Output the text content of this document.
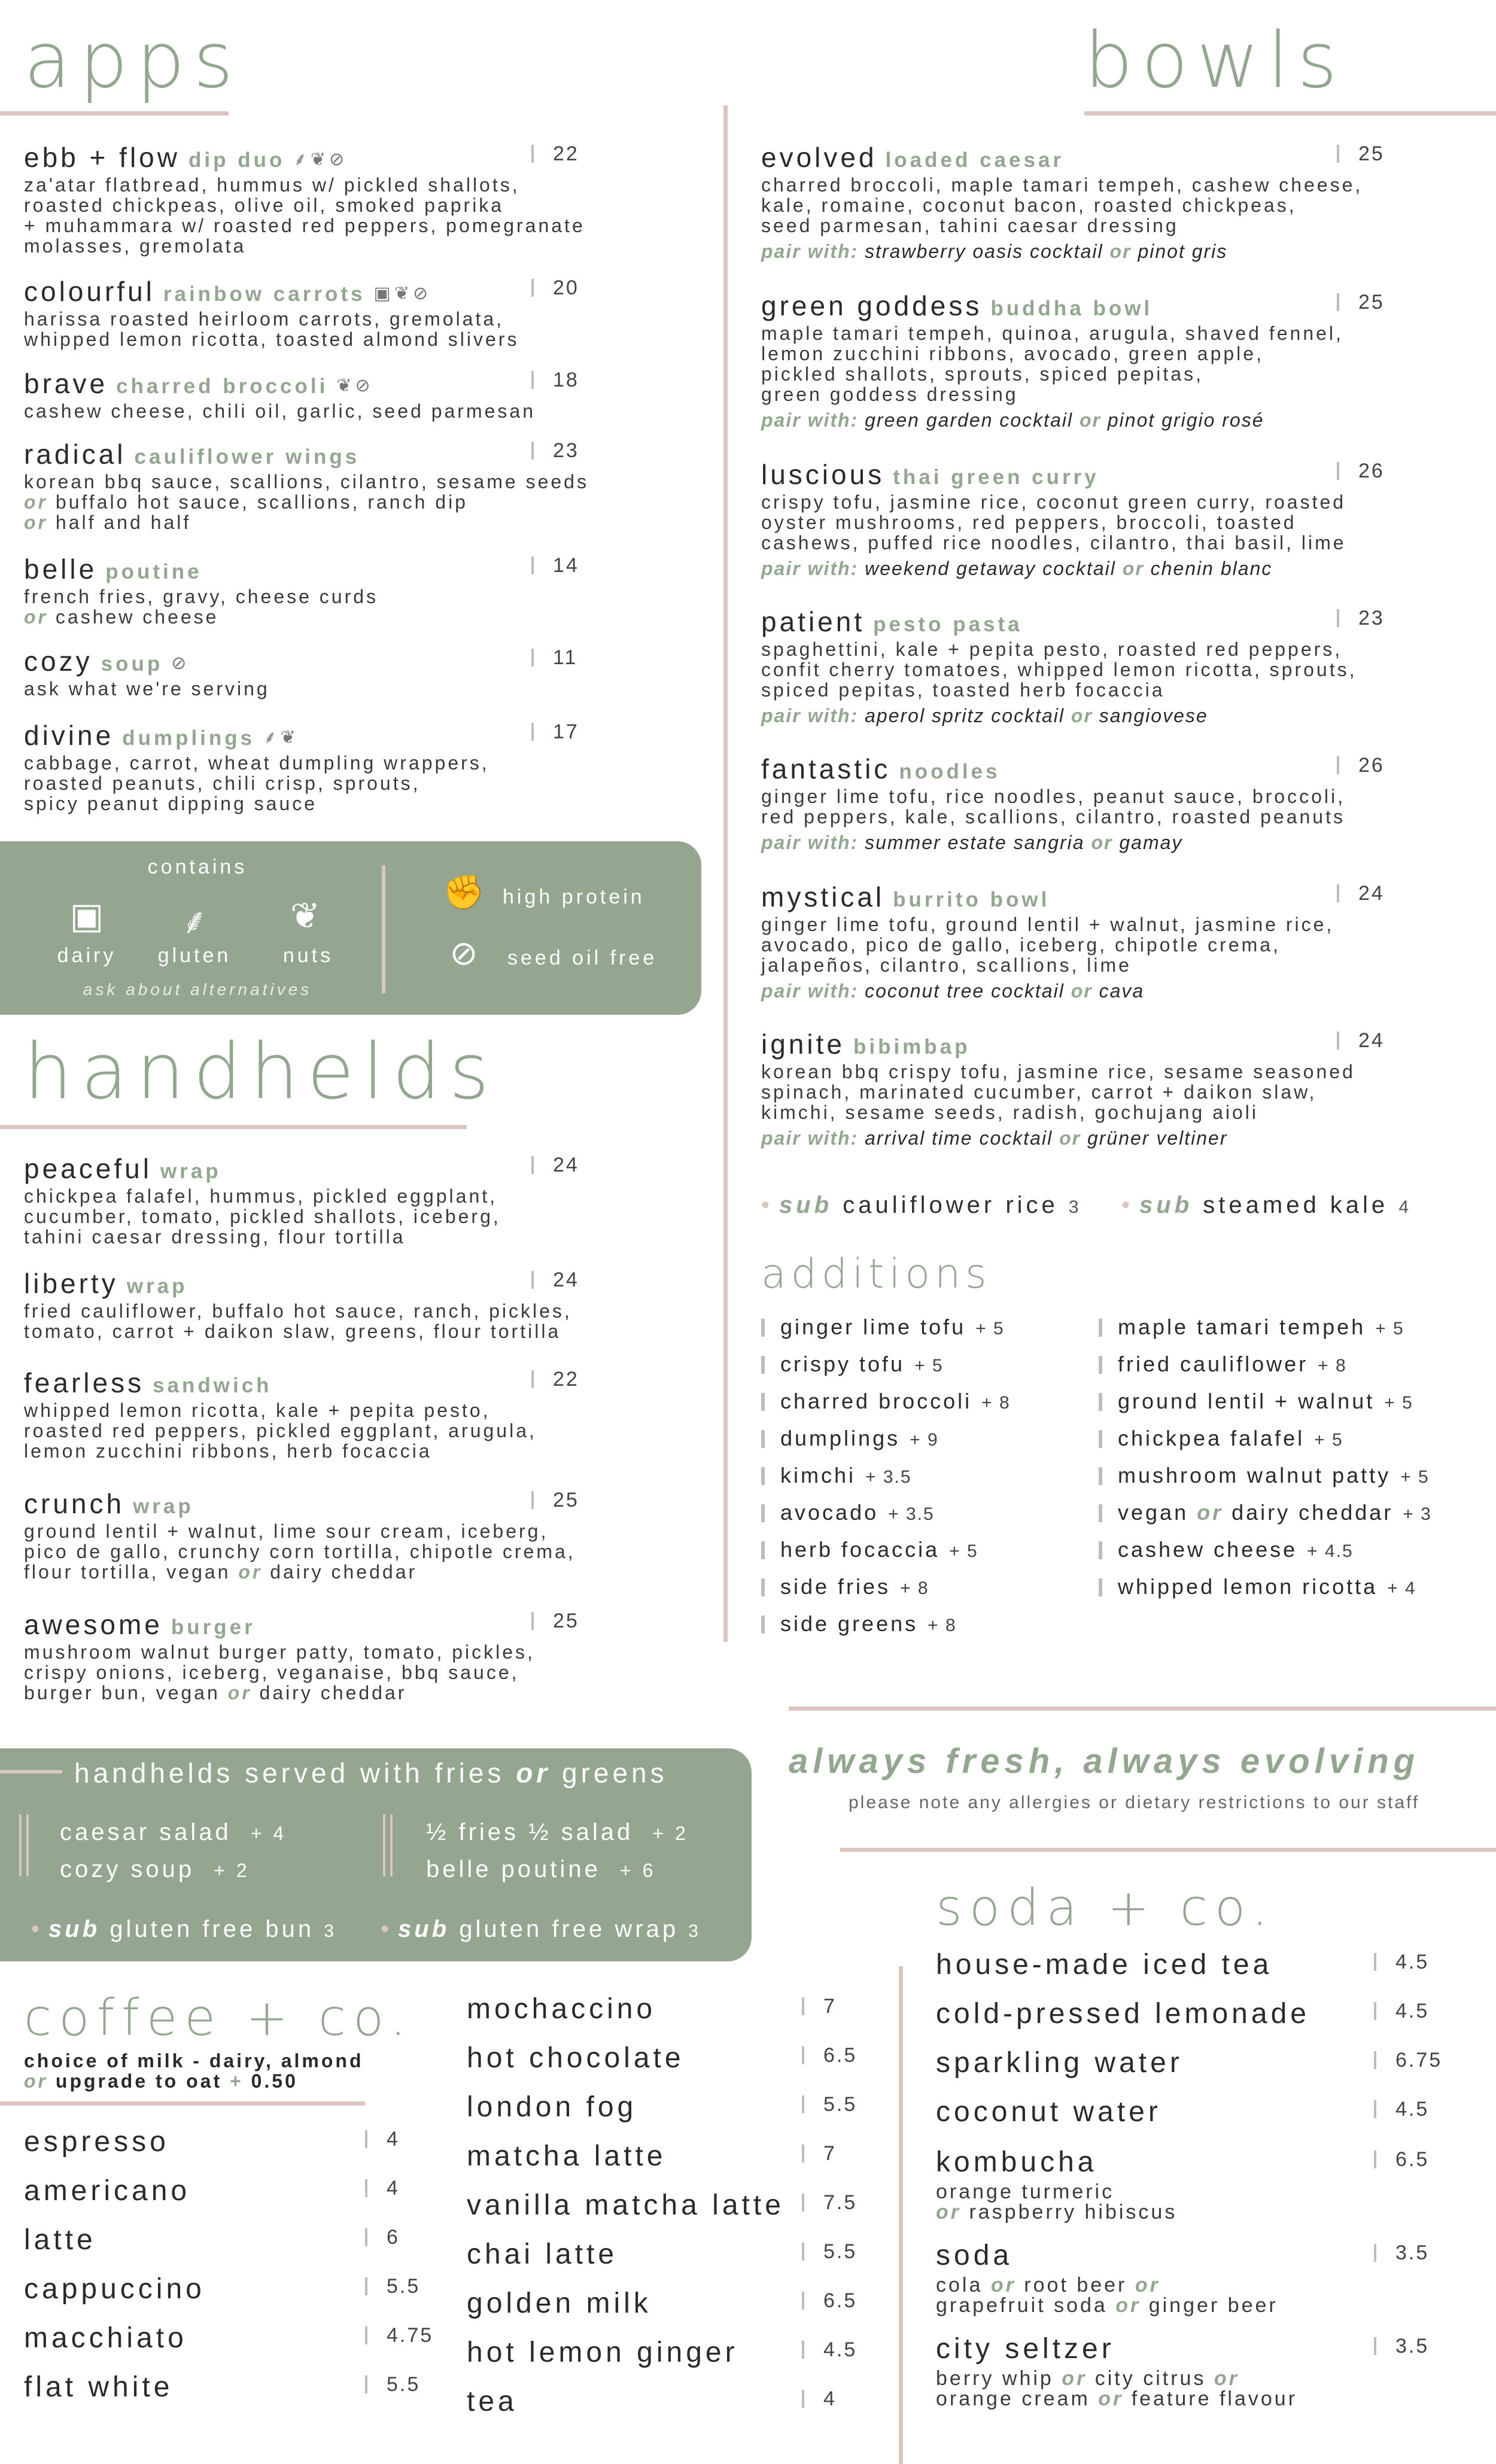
apps
ebb + flow dip duo ⸙❦⊘	22
za'atar flatbread, hummus w/ pickled shallots,
roasted chickpeas, olive oil, smoked paprika
+ muhammara w/ roasted red peppers, pomegranate
molasses, gremolata
colourful rainbow carrots ▣❦⊘	20
harissa roasted heirloom carrots, gremolata,
whipped lemon ricotta, toasted almond slivers
brave charred broccoli ❦⊘	18
cashew cheese, chili oil, garlic, seed parmesan
radical cauliflower wings	23
korean bbq sauce, scallions, cilantro, sesame seeds
or buffalo hot sauce, scallions, ranch dip
or half and half
belle poutine	14
french fries, gravy, cheese curds
or cashew cheese
cozy soup ⊘	11
ask what we're serving
divine dumplings ⸙❦	17
cabbage, carrot, wheat dumpling wrappers,
roasted peanuts, chili crisp, sprouts,
spicy peanut dipping sauce
contains
▣	⸙	❦
dairy	gluten	nuts
ask about alternatives
✊ high protein
⊘	seed oil free
handhelds
peaceful wrap	24
chickpea falafel, hummus, pickled eggplant,
cucumber, tomato, pickled shallots, iceberg,
tahini caesar dressing, flour tortilla
liberty wrap	24
fried cauliflower, buffalo hot sauce, ranch, pickles,
tomato, carrot + daikon slaw, greens, flour tortilla
fearless sandwich	22
whipped lemon ricotta, kale + pepita pesto,
roasted red peppers, pickled eggplant, arugula,
lemon zucchini ribbons, herb focaccia
crunch wrap	25
ground lentil + walnut, lime sour cream, iceberg,
pico de gallo, crunchy corn tortilla, chipotle crema,
flour tortilla, vegan or dairy cheddar
awesome burger	25
mushroom walnut burger patty, tomato, pickles,
crispy onions, iceberg, veganaise, bbq sauce,
burger bun, vegan or dairy cheddar
handhelds served with fries or greens
caesar salad + 4
cozy soup + 2
½ fries ½ salad + 2
belle poutine + 6
• sub gluten free bun 3 • sub gluten free wrap 3
bowls
evolved loaded caesar	25
charred broccoli, maple tamari tempeh, cashew cheese,
kale, romaine, coconut bacon, roasted chickpeas,
seed parmesan, tahini caesar dressing
pair with: strawberry oasis cocktail or pinot gris
green goddess buddha bowl	25
maple tamari tempeh, quinoa, arugula, shaved fennel,
lemon zucchini ribbons, avocado, green apple,
pickled shallots, sprouts, spiced pepitas,
green goddess dressing
pair with: green garden cocktail or pinot grigio rosé
luscious thai green curry	26
crispy tofu, jasmine rice, coconut green curry, roasted
oyster mushrooms, red peppers, broccoli, toasted
cashews, puffed rice noodles, cilantro, thai basil, lime
pair with: weekend getaway cocktail or chenin blanc
patient pesto pasta	23
spaghettini, kale + pepita pesto, roasted red peppers,
confit cherry tomatoes, whipped lemon ricotta, sprouts,
spiced pepitas, toasted herb focaccia
pair with: aperol spritz cocktail or sangiovese
fantastic noodles	26
ginger lime tofu, rice noodles, peanut sauce, broccoli,
red peppers, kale, scallions, cilantro, roasted peanuts
pair with: summer estate sangria or gamay
mystical burrito bowl	24
ginger lime tofu, ground lentil + walnut, jasmine rice,
avocado, pico de gallo, iceberg, chipotle crema,
jalapeños, cilantro, scallions, lime
pair with: coconut tree cocktail or cava
ignite bibimbap	24
korean bbq crispy tofu, jasmine rice, sesame seasoned
spinach, marinated cucumber, carrot + daikon slaw,
kimchi, sesame seeds, radish, gochujang aioli
pair with: arrival time cocktail or grüner veltiner
• sub cauliflower rice 3 • sub steamed kale 4
additions
ginger lime tofu + 5
crispy tofu + 5
charred broccoli + 8
dumplings + 9
kimchi + 3.5
avocado + 3.5
herb focaccia + 5
side fries + 8
side greens + 8
maple tamari tempeh + 5
fried cauliflower + 8
ground lentil + walnut + 5
chickpea falafel + 5
mushroom walnut patty + 5
vegan or dairy cheddar + 3
cashew cheese + 4.5
whipped lemon ricotta + 4
always fresh, always evolving
please note any allergies or dietary restrictions to our staff
coffee + co.
choice of milk - dairy, almond
or upgrade to oat + 0.50
espresso	4
americano	4
latte	6
cappuccino	5.5
macchiato	4.75
flat white	5.5
mochaccino	7
hot chocolate	6.5
london fog	5.5
matcha latte	7
vanilla matcha latte	7.5
chai latte	5.5
golden milk	6.5
hot lemon ginger	4.5
tea	4
soda + co.
house-made iced tea	4.5
cold-pressed lemonade	4.5
sparkling water	6.75
coconut water	4.5
kombucha	6.5
orange turmeric
or raspberry hibiscus
soda	3.5
cola or root beer or
grapefruit soda or ginger beer
city seltzer	3.5
berry whip or city citrus or
orange cream or feature flavour
